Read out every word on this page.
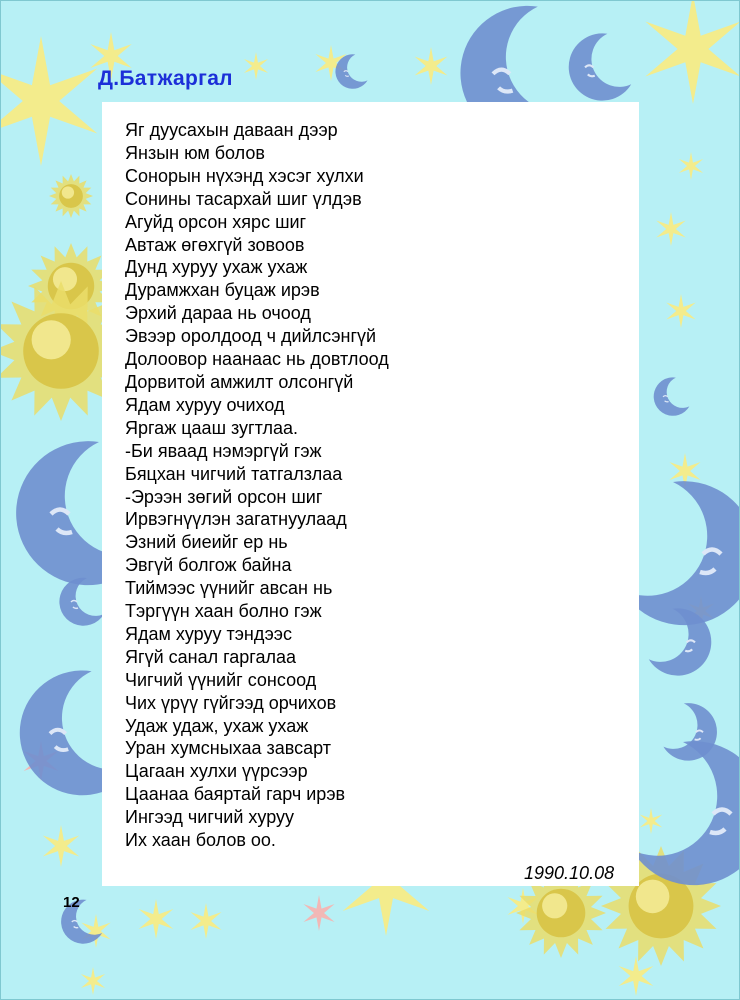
Д.Батжаргал
Яг дуусахын даваан дээр
Янзын юм болов
Сонорын нүхэнд хэсэг хулхи
Сонины тасархай шиг үлдэв
Агуйд орсон хярс шиг
Автаж өгөхгүй зовоов
Дунд хуруу ухаж ухаж
Дурамжхан буцаж ирэв
Эрхий дараа нь очоод
Эвээр оролдоод ч дийлсэнгүй
Долоовор наанаас нь довтлоод
Дорвитой амжилт олсонгүй
Ядам хуруу очиход
Яргаж цааш зугтлаа.
-Би яваад нэмэргүй гэж
Бяцхан чигчий татгалзлаа
-Эрээн зөгий орсон шиг
Ирвэгнүүлэн загатнуулаад
Эзний биеийг ер нь
Эвгүй болгож байна
Тиймээс үүнийг авсан нь
Тэргүүн хаан болно гэж
Ядам хуруу тэндээс
Ягүй санал гаргалаа
Чигчий үүнийг сонсоод
Чих үрүү гүйгээд орчихов
Удаж удаж, ухаж ухаж
Уран хумсныхаа завсарт
Цагаан хулхи үүрсээр
Цаанаа баяртай гарч ирэв
Ингээд чигчий хуруу
Их хаан болов оо.
1990.10.08
12
